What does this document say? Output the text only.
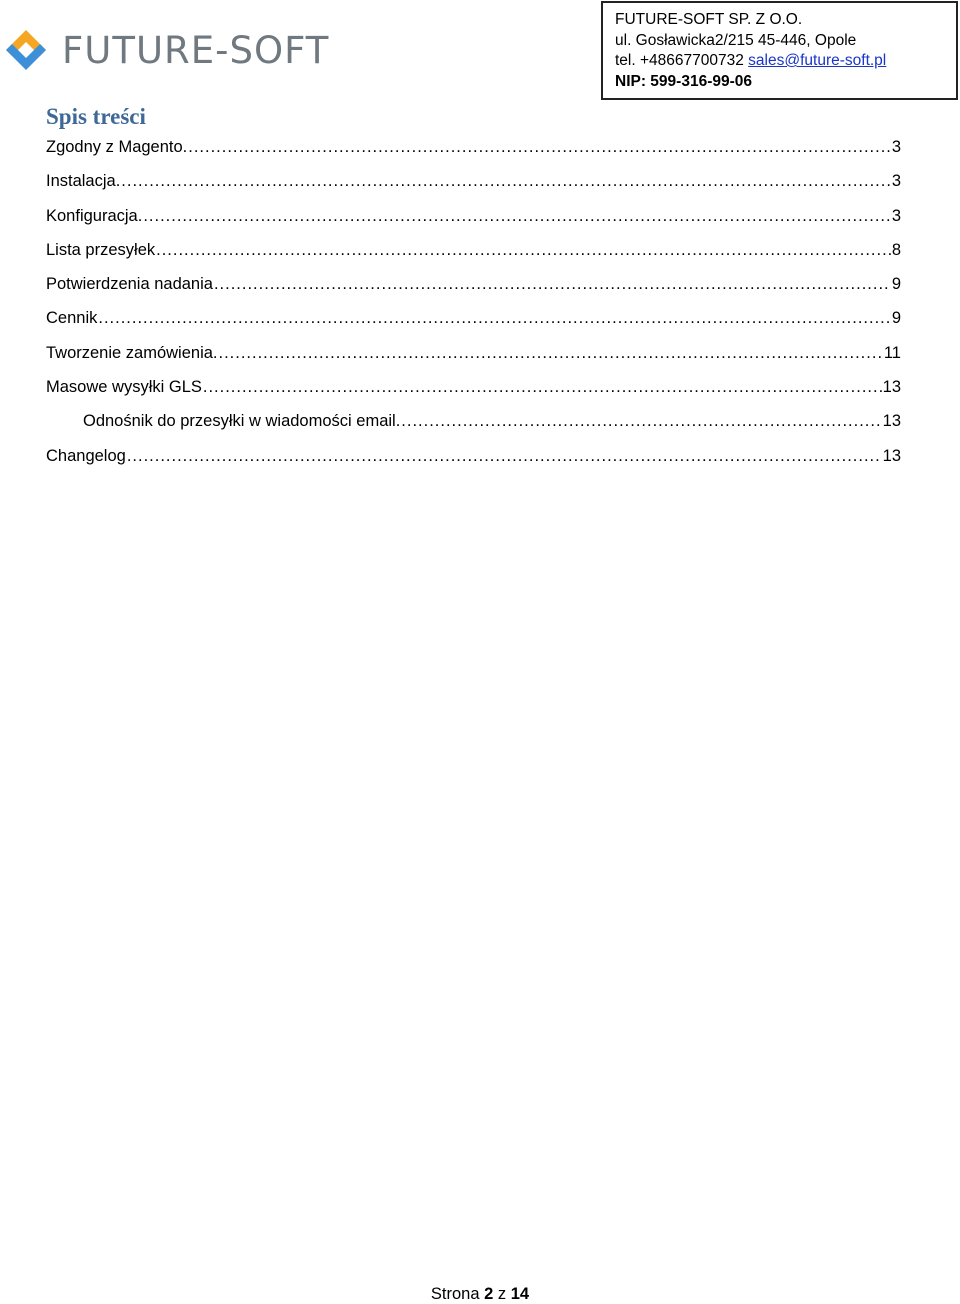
FUTURE-SOFT
FUTURE-SOFT SP. Z O.O.
ul. Gosławicka2/215 45-446, Opole
tel. +48667700732 sales@future-soft.pl
NIP: 599-316-99-06
Spis treści
Zgodny z Magento. .....	3
Instalacja. .....	3
Konfiguracja. .....	3
Lista przesyłek .....	8
Potwierdzenia nadania .....	9
Cennik .....	9
Tworzenie zamówienia. .....	11
Masowe wysyłki GLS .....	13
Odnośnik do przesyłki w wiadomości email. .....	13
Changelog .....	13
Strona 2 z 14
